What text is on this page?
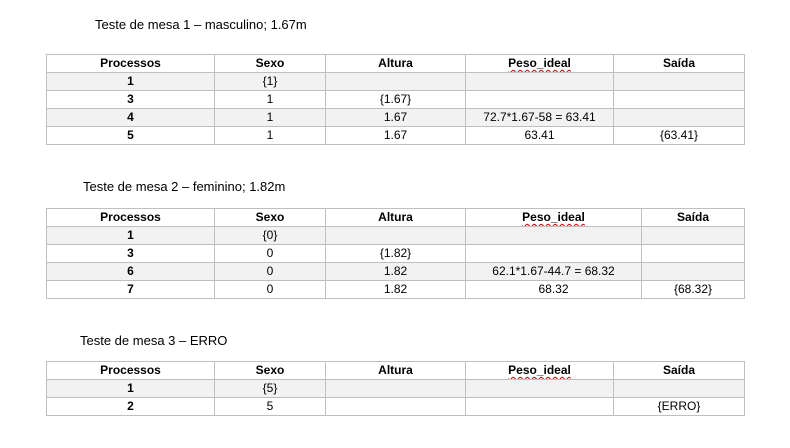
Teste de mesa 1 – masculino; 1.67m
Processos	Sexo	Altura	Peso_ideal	Saída
1	{1}			
3	1	{1.67}		
4	1	1.67	72.7*1.67-58 = 63.41	
5	1	1.67	63.41	{63.41}
Teste de mesa 2 – feminino; 1.82m
Processos	Sexo	Altura	Peso_ideal	Saída
1	{0}			
3	0	{1.82}		
6	0	1.82	62.1*1.67-44.7 = 68.32	
7	0	1.82	68.32	{68.32}
Teste de mesa 3 – ERRO
Processos	Sexo	Altura	Peso_ideal	Saída
1	{5}			
2	5			{ERRO}
